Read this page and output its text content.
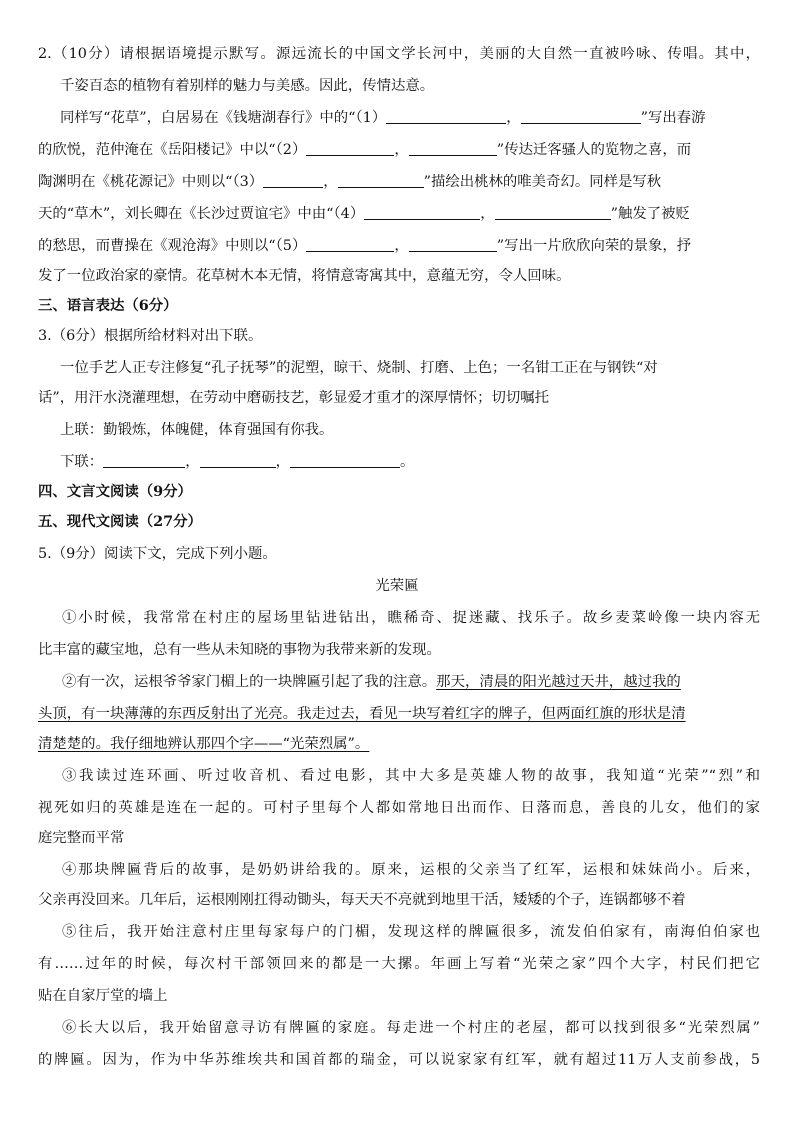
2.（10分）请根据语境提示默写。源远流长的中国文学长河中，美丽的大自然一直被吟咏、传唱。其中，
千姿百态的植物有着别样的魅力与美感。因此，传情达意。
同样写“花草”，白居易在《钱塘湖春行》中的“（1）	，	”写出春游
的欣悦，范仲淹在《岳阳楼记》中以“（2）	，	”传达迁客骚人的览物之喜，而
陶渊明在《桃花源记》中则以“（3）	，	”描绘出桃林的唯美奇幻。同样是写秋
天的“草木”，刘长卿在《长沙过贾谊宅》中由“（4）	，	”触发了被贬
的愁思，而曹操在《观沧海》中则以“（5）	，	”写出一片欣欣向荣的景象，抒
发了一位政治家的豪情。花草树木本无情，将情意寄寓其中，意蕴无穷，令人回味。
三、语言表达（6分）
3.（6分）根据所给材料对出下联。
一位手艺人正专注修复“孔子抚琴”的泥塑，晾干、烧制、打磨、上色；一名钳工正在与钢铁“对
话”，用汗水浇灌理想，在劳动中磨砺技艺，彰显爱才重才的深厚情怀；切切嘱托
上联：勤锻炼，体魄健，体育强国有你我。
下联：	，	，	。
四、文言文阅读（9分）
五、现代文阅读（27分）
5.（9分）阅读下文，完成下列小题。
光荣匾
①小时候，我常常在村庄的屋场里钻进钻出，瞧稀奇、捉迷藏、找乐子。故乡麦菜岭像一块内容无
比丰富的藏宝地，总有一些从未知晓的事物为我带来新的发现。
②有一次，运根爷爷家门楣上的一块牌匾引起了我的注意。那天，清晨的阳光越过天井，越过我的
头顶，有一块薄薄的东西反射出了光亮。我走过去，看见一块写着红字的牌子，但两面红旗的形状是清
清楚楚的。我仔细地辨认那四个字——“光荣烈属”。
③我读过连环画、听过收音机、看过电影，其中大多是英雄人物的故事，我知道“光荣”“烈”和
视死如归的英雄是连在一起的。可村子里每个人都如常地日出而作、日落而息，善良的儿女，他们的家
庭完整而平常
④那块牌匾背后的故事，是奶奶讲给我的。原来，运根的父亲当了红军，运根和妹妹尚小。后来，
父亲再没回来。几年后，运根刚刚扛得动锄头，每天天不亮就到地里干活，矮矮的个子，连锅都够不着
⑤往后，我开始注意村庄里每家每户的门楣，发现这样的牌匾很多，流发伯伯家有，南海伯伯家也
有……过年的时候，每次村干部领回来的都是一大摞。年画上写着“光荣之家”四个大字，村民们把它
贴在自家厅堂的墙上
⑥长大以后，我开始留意寻访有牌匾的家庭。每走进一个村庄的老屋，都可以找到很多“光荣烈属”
的牌匾。因为，作为中华苏维埃共和国首都的瑞金，可以说家家有红军，就有超过11万人支前参战，5
